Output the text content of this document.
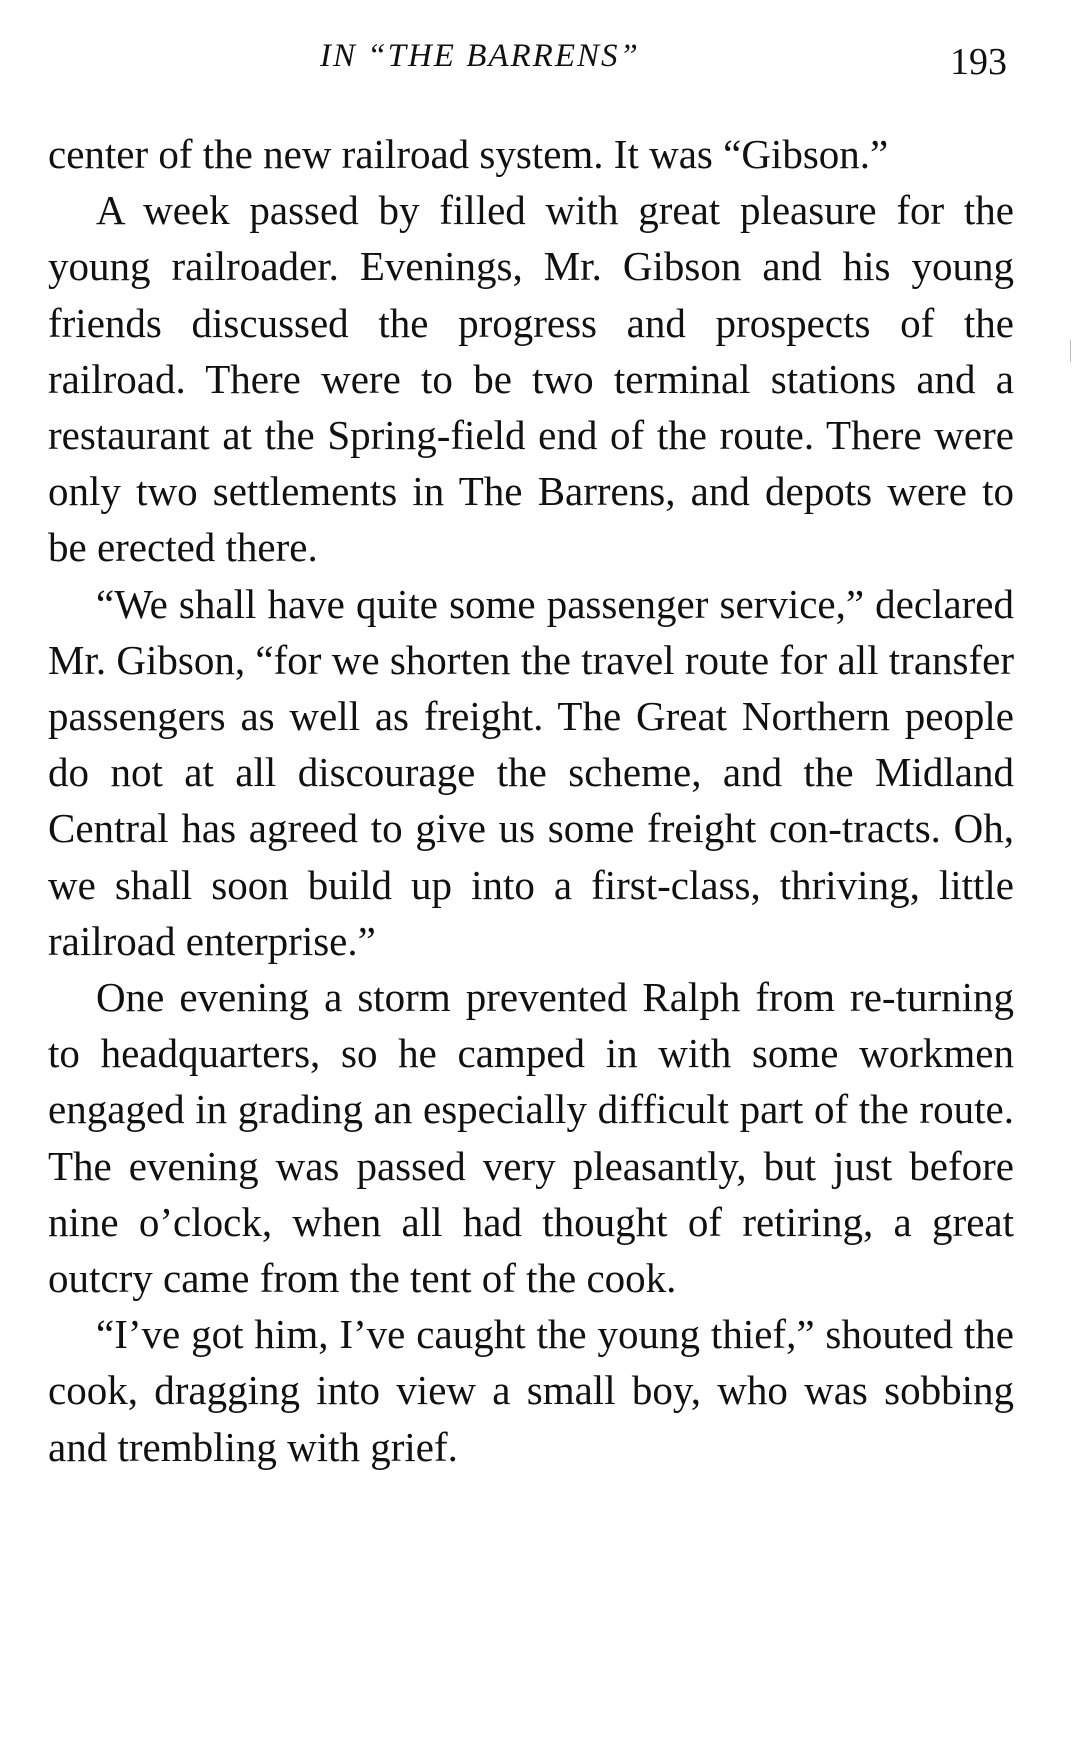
IN “THE BARRENS”	193

center of the new railroad system. It was “Gibson.”

A week passed by filled with great pleasure for the young railroader. Evenings, Mr. Gibson and his young friends discussed the progress and prospects of the railroad. There were to be two terminal stations and a restaurant at the Spring-field end of the route. There were only two settlements in The Barrens, and depots were to be erected there.

“We shall have quite some passenger service,” declared Mr. Gibson, “for we shorten the travel route for all transfer passengers as well as freight. The Great Northern people do not at all discourage the scheme, and the Midland Central has agreed to give us some freight con-tracts. Oh, we shall soon build up into a first-class, thriving, little railroad enterprise.”

One evening a storm prevented Ralph from re-turning to headquarters, so he camped in with some workmen engaged in grading an especially difficult part of the route. The evening was passed very pleasantly, but just before nine o’clock, when all had thought of retiring, a great outcry came from the tent of the cook.

“I’ve got him, I’ve caught the young thief,” shouted the cook, dragging into view a small boy, who was sobbing and trembling with grief.
